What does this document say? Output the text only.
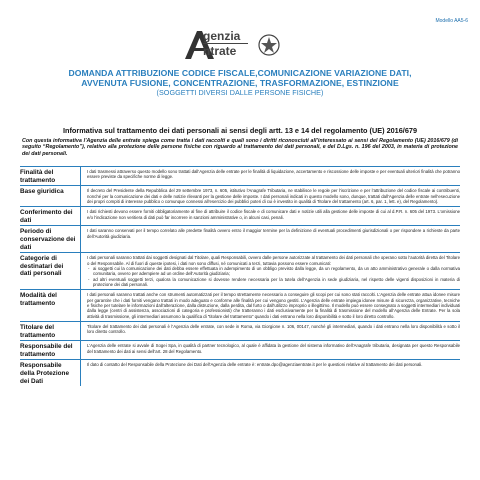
Modello AA5-6
genzia
ntrate
DOMANDA ATTRIBUZIONE CODICE FISCALE,COMUNICAZIONE VARIAZIONE DATI,
AVVENUTA FUSIONE, CONCENTRAZIONE, TRASFORMAZIONE, ESTINZIONE
(SOGGETTI DIVERSI DALLE PERSONE FISICHE)
Informativa sul trattamento dei dati personali ai sensi degli artt. 13 e 14 del regolamento (UE) 2016/679
Con questa informativa l’Agenzia delle entrate spiega come tratta i dati raccolti e quali sono i diritti riconosciuti all’interessato ai sensi del Regolamento (UE) 2016/679 (di seguito “Regolamento”), relativo alla protezione delle persone fisiche con riguardo al trattamento dei dati personali, e del D.Lgs. n. 196 del 2003, in materia di protezione dei dati personali.
Finalità del trattamento

I dati trasmessi attraverso questo modello sono trattati dall’Agenzia delle entrate per le finalità di liquidazione, accertamento e riscossione delle imposte e per eventuali ulteriori finalità che potranno essere previste da specifiche norme di legge.

Base giuridica	Il decreto del Presidente della Repubblica del 29 settembre 1973, n. 605, istitutivo l’Anagrafe Tributaria, ne stabilisce le regole per l’iscrizione e per l’attribuzione del codice fiscale ai contribuenti, nonché per la comunicazione dei dati e delle notizie rilevanti per la gestione delle imposte. I dati personali indicati in questo modello sono, dunque, trattati dall’Agenzia delle entrate nell’esecuzione dei propri compiti di interesse pubblico o comunque connessi all’esercizio dei pubblici poteri di cui è investito in qualità di Titolare del trattamento (art. 6, par. 1, lett. e), del Regolamento).

Conferimento dei dati

I dati richiesti devono essere forniti obbligatoriamente al fine di attribuire il codice fiscale e di comunicare dati e notizie utili alla gestione delle imposte di cui al d.P.R. n. 605 del 1973. L’omissione e/o l’indicazione non veritiera di dati può far incorrere in sanzioni amministrative o, in alcuni casi, penali.

Periodo di conservazione dei dati

I dati saranno conservati per il tempo correlato alle predette finalità ovvero entro il maggior termine per la definizione di eventuali procedimenti giurisdizionali o per rispondere a richieste da parte dell’Autorità giudiziaria.

Categorie di destinatari dei dati personali

I dati personali saranno trattati dai soggetti designati dal Titolare, quali Responsabili, ovvero dalle persone autorizzate al trattamento dei dati personali che operano sotto l’autorità diretta del Titolare o del Responsabile. Al di fuori di queste ipotesi, i dati non sono diffusi, né comunicati a terzi, tuttavia possono essere comunicati:

- ai soggetti cui la comunicazione dei dati debba essere effettuata in adempimento di un obbligo previsto dalla legge, da un regolamento, da un atto amministrativo generale o dalla normativa comunitaria, ovvero per adempiere ad un ordine dell’Autorità giudiziaria;
- ad altri eventuali soggetti terzi, qualora la comunicazione si dovesse rendere necessaria per la tutela dell’Agenzia in sede giudiziaria, nel rispetto delle vigenti disposizioni in materia di protezione dei dati personali.
Modalità del trattamento

I dati personali saranno trattati anche con strumenti automatizzati per il tempo strettamente necessario a conseguire gli scopi per cui sono stati raccolti. L’Agenzia delle entrate attua idonee misure per garantire che i dati forniti vengano trattati in modo adeguato e conforme alle finalità per cui vengono gestiti. L’Agenzia delle entrate impiega idonee misure di sicurezza, organizzative, tecniche e fisiche per tutelare le informazioni dall’alterazione, dalla distruzione, dalla perdita, dal furto o dall’utilizzo improprio o illegittimo. Il modello può essere consegnato a soggetti intermediari individuati dalla legge (centri di assistenza, associazioni di categoria e professionisti) che tratteranno i dati esclusivamente per la finalità di trasmissione del modello all’Agenzia delle Entrate. Per la sola attività di trasmissione, gli intermediari assumono la qualifica di “titolare del trattamento” quando i dati entrano nella loro disponibilità e sotto il loro diretto controllo.

Titolare del trattamento

Titolare del trattamento dei dati personali è l’Agenzia delle entrate, con sede in Roma, via Giorgione n. 106, 00147, nonché gli intermediari, quando i dati entrano nella loro disponibilità e sotto il loro diretto controllo.

Responsabile del trattamento

L’Agenzia delle entrate si avvale di Sogei Spa, in qualità di partner tecnologico, al quale è affidata la gestione del sistema informativo dell’Anagrafe tributaria, designata per questo Responsabile del trattamento dei dati ai sensi dell’art. 28 del Regolamento.

Responsabile della Protezione dei Dati

Il dato di contatto del Responsabile della Protezione dei Dati dell’Agenzia delle entrate è: entrate.dpo@agenziaentrate.it per le questioni relative al trattamento dei dati personali.
